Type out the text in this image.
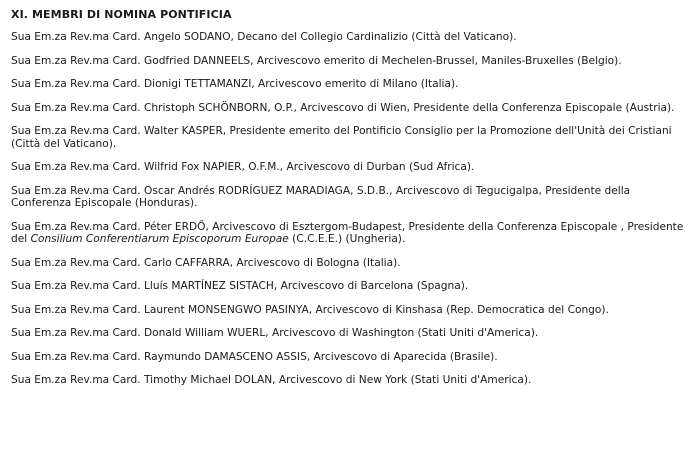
XI. MEMBRI DI NOMINA PONTIFICIA

Sua Em.za Rev.ma Card. Angelo SODANO, Decano del Collegio Cardinalizio (Città del Vaticano).

Sua Em.za Rev.ma Card. Godfried DANNEELS, Arcivescovo emerito di Mechelen-Brussel, Maniles-Bruxelles (Belgio).

Sua Em.za Rev.ma Card. Dionigi TETTAMANZI, Arcivescovo emerito di Milano (Italia).

Sua Em.za Rev.ma Card. Christoph SCHÖNBORN, O.P., Arcivescovo di Wien, Presidente della Conferenza Episcopale (Austria).

Sua Em.za Rev.ma Card. Walter KASPER, Presidente emerito del Pontificio Consiglio per la Promozione dell'Unità dei Cristiani (Città del Vaticano).

Sua Em.za Rev.ma Card. Wilfrid Fox NAPIER, O.F.M., Arcivescovo di Durban (Sud Africa).

Sua Em.za Rev.ma Card. Oscar Andrés RODRÍGUEZ MARADIAGA, S.D.B., Arcivescovo di Tegucigalpa, Presidente della Conferenza Episcopale (Honduras).

Sua Em.za Rev.ma Card. Péter ERDŐ, Arcivescovo di Esztergom-Budapest, Presidente della Conferenza Episcopale , Presidente del Consilium Conferentiarum Episcoporum Europae (C.C.E.E.) (Ungheria).

Sua Em.za Rev.ma Card. Carlo CAFFARRA, Arcivescovo di Bologna (Italia).

Sua Em.za Rev.ma Card. Lluís MARTÍNEZ SISTACH, Arcivescovo di Barcelona (Spagna).

Sua Em.za Rev.ma Card. Laurent MONSENGWO PASINYA, Arcivescovo di Kinshasa (Rep. Democratica del Congo).

Sua Em.za Rev.ma Card. Donald William WUERL, Arcivescovo di Washington (Stati Uniti d'America).

Sua Em.za Rev.ma Card. Raymundo DAMASCENO ASSIS, Arcivescovo di Aparecida (Brasile).

Sua Em.za Rev.ma Card. Timothy Michael DOLAN, Arcivescovo di New York (Stati Uniti d'America).
